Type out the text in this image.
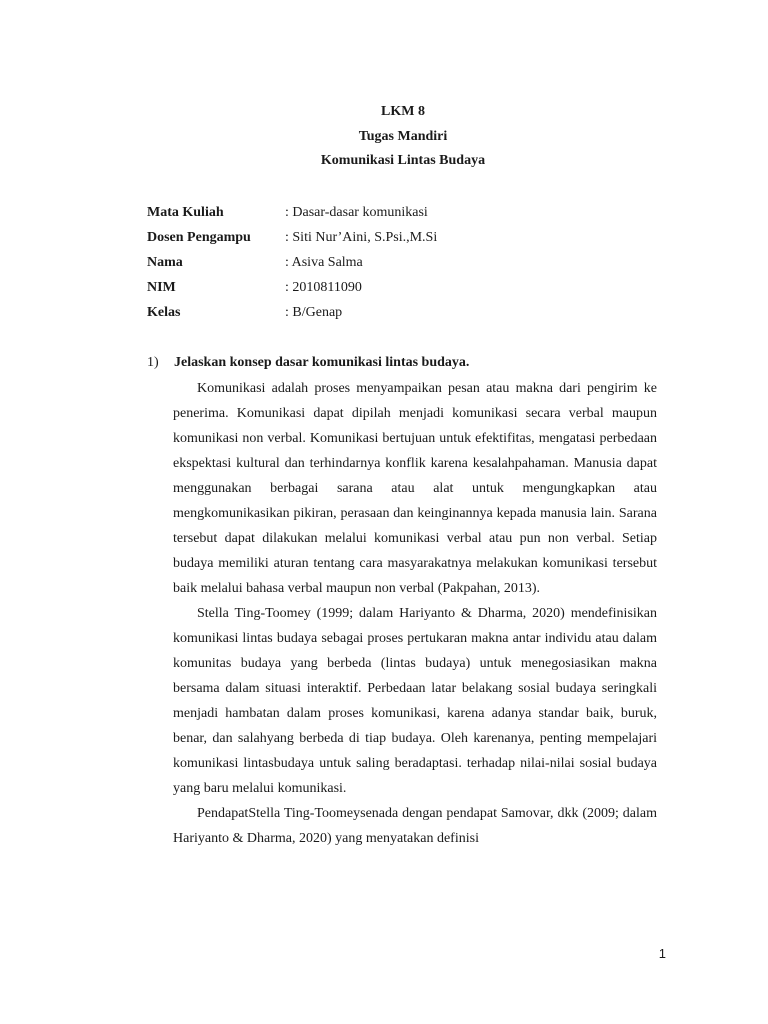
LKM 8
Tugas Mandiri
Komunikasi Lintas Budaya
Mata Kuliah	: Dasar-dasar komunikasi
Dosen Pengampu : Siti Nur’Aini, S.Psi.,M.Si
Nama	: Asiva Salma
NIM	: 2010811090
Kelas	: B/Genap
1) Jelaskan konsep dasar komunikasi lintas budaya.

Komunikasi adalah proses menyampaikan pesan atau makna dari pengirim ke penerima. Komunikasi dapat dipilah menjadi komunikasi secara verbal maupun komunikasi non verbal. Komunikasi bertujuan untuk efektifitas, mengatasi perbedaan ekspektasi kultural dan terhindarnya konflik karena kesalahpahaman. Manusia dapat menggunakan berbagai sarana atau alat untuk mengungkapkan atau mengkomunikasikan pikiran, perasaan dan keinginannya kepada manusia lain. Sarana tersebut dapat dilakukan melalui komunikasi verbal atau pun non verbal. Setiap budaya memiliki aturan tentang cara masyarakatnya melakukan komunikasi tersebut baik melalui bahasa verbal maupun non verbal (Pakpahan, 2013).

Stella Ting-Toomey (1999; dalam Hariyanto & Dharma, 2020) mendefinisikan komunikasi lintas budaya sebagai proses pertukaran makna antar individu atau dalam komunitas budaya yang berbeda (lintas budaya) untuk menegosiasikan makna bersama dalam situasi interaktif. Perbedaan latar belakang sosial budaya seringkali menjadi hambatan dalam proses komunikasi, karena adanya standar baik, buruk, benar, dan salahyang berbeda di tiap budaya. Oleh karenanya, penting mempelajari komunikasi lintasbudaya untuk saling beradaptasi. terhadap nilai-nilai sosial budaya yang baru melalui komunikasi.

PendapatStella Ting-Toomeysenada dengan pendapat Samovar, dkk (2009; dalam Hariyanto & Dharma, 2020) yang menyatakan definisi

1
